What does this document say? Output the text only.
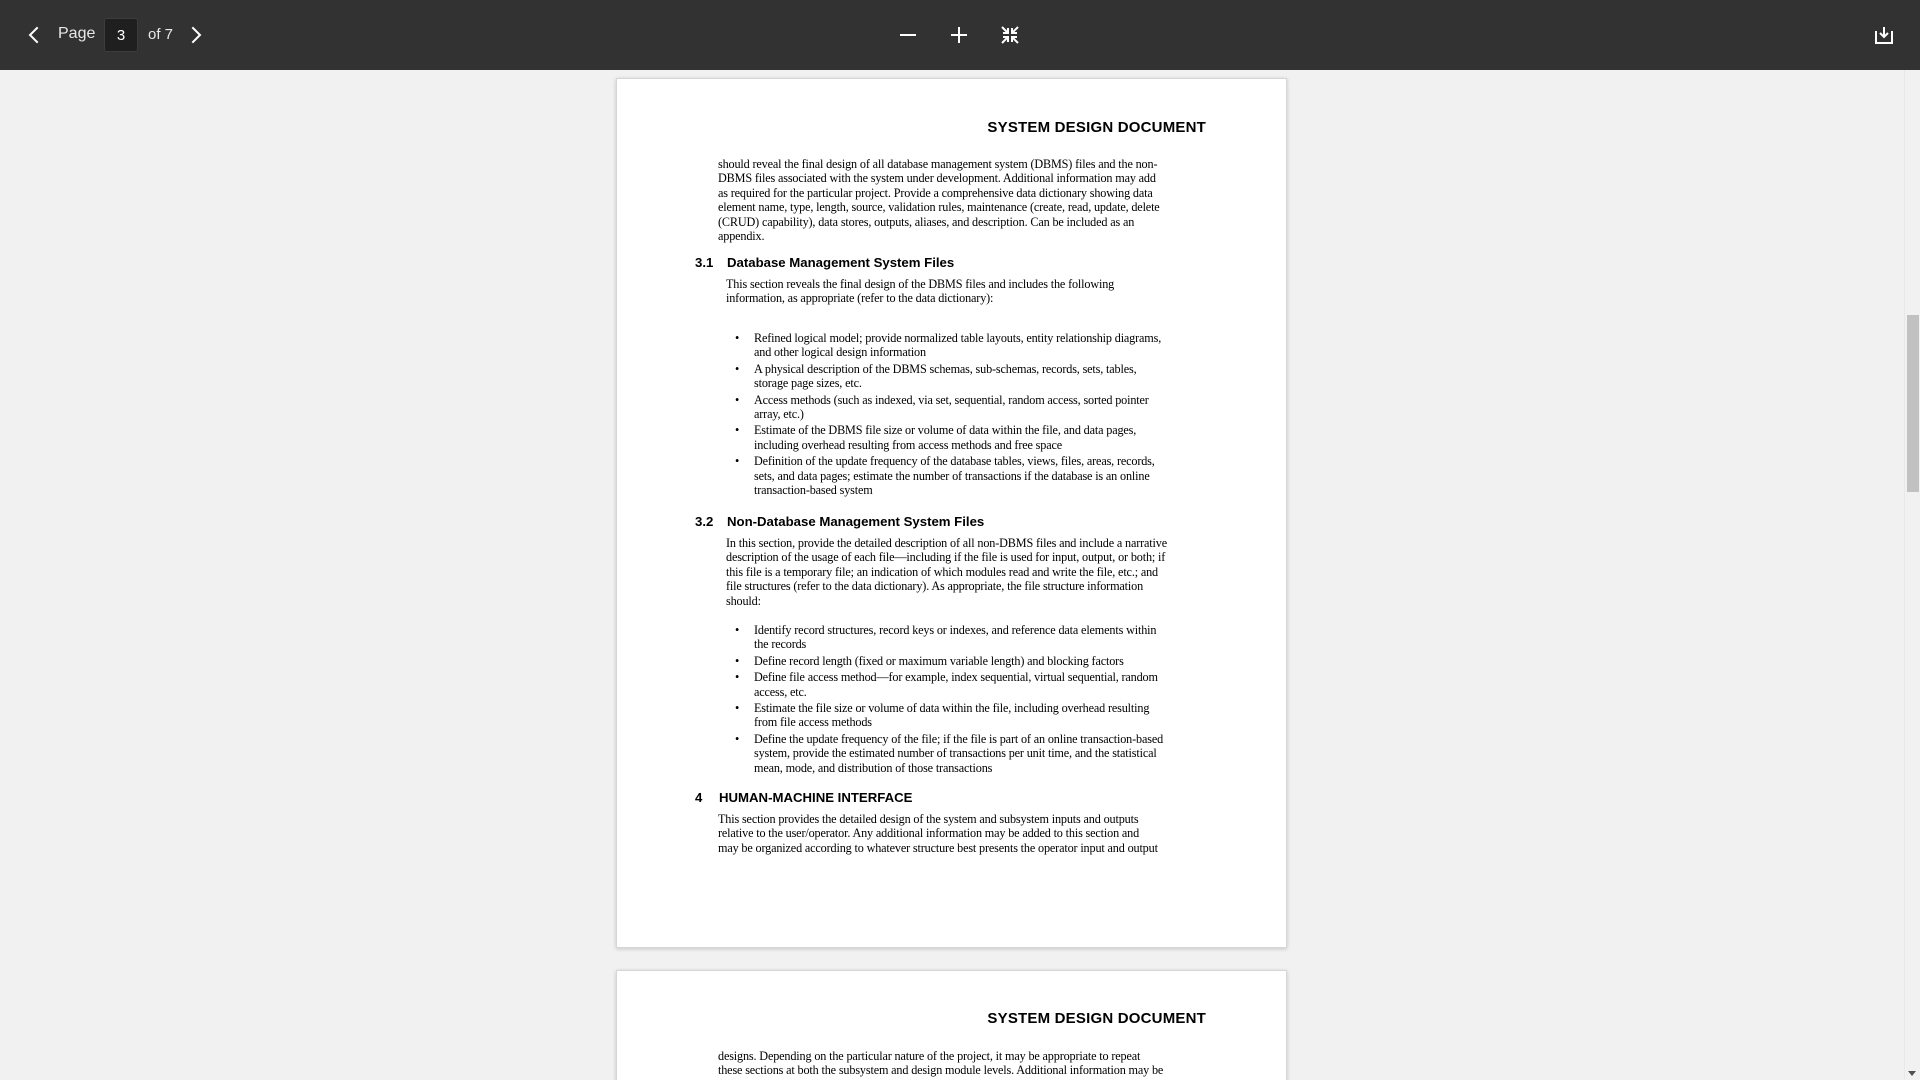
Page	3	of 7
SYSTEM DESIGN DOCUMENT
should reveal the final design of all database management system (DBMS) files and the non-
DBMS files associated with the system under development. Additional information may add
as required for the particular project. Provide a comprehensive data dictionary showing data
element name, type, length, source, validation rules, maintenance (create, read, update, delete
(CRUD) capability), data stores, outputs, aliases, and description. Can be included as an
appendix.
3.1 Database Management System Files
This section reveals the final design of the DBMS files and includes the following
information, as appropriate (refer to the data dictionary):
• Refined logical model; provide normalized table layouts, entity relationship diagrams,
and other logical design information
• A physical description of the DBMS schemas, sub-schemas, records, sets, tables,
storage page sizes, etc.
• Access methods (such as indexed, via set, sequential, random access, sorted pointer
array, etc.)
• Estimate of the DBMS file size or volume of data within the file, and data pages,
including overhead resulting from access methods and free space
• Definition of the update frequency of the database tables, views, files, areas, records,
sets, and data pages; estimate the number of transactions if the database is an online
transaction-based system
3.2 Non-Database Management System Files
In this section, provide the detailed description of all non-DBMS files and include a narrative
description of the usage of each file—including if the file is used for input, output, or both; if
this file is a temporary file; an indication of which modules read and write the file, etc.; and
file structures (refer to the data dictionary). As appropriate, the file structure information
should:
• Identify record structures, record keys or indexes, and reference data elements within
the records
• Define record length (fixed or maximum variable length) and blocking factors
• Define file access method—for example, index sequential, virtual sequential, random
access, etc.
• Estimate the file size or volume of data within the file, including overhead resulting
from file access methods
• Define the update frequency of the file; if the file is part of an online transaction-based
system, provide the estimated number of transactions per unit time, and the statistical
mean, mode, and distribution of those transactions
4 HUMAN-MACHINE INTERFACE
This section provides the detailed design of the system and subsystem inputs and outputs
relative to the user/operator. Any additional information may be added to this section and
may be organized according to whatever structure best presents the operator input and output
SYSTEM DESIGN DOCUMENT
designs. Depending on the particular nature of the project, it may be appropriate to repeat
these sections at both the subsystem and design module levels. Additional information may be
